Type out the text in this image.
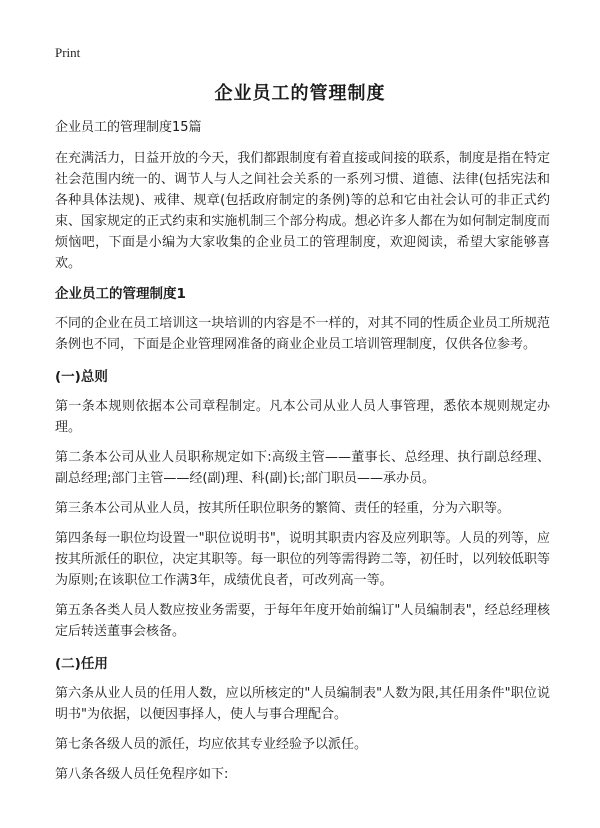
Print
企业员工的管理制度
企业员工的管理制度15篇

在充满活力，日益开放的今天，我们都跟制度有着直接或间接的联系，制度是指在特定社会范围内统一的、调节人与人之间社会关系的一系列习惯、道德、法律(包括宪法和各种具体法规)、戒律、规章(包括政府制定的条例)等的总和它由社会认可的非正式约束、国家规定的正式约束和实施机制三个部分构成。想必许多人都在为如何制定制度而烦恼吧，下面是小编为大家收集的企业员工的管理制度，欢迎阅读，希望大家能够喜欢。

企业员工的管理制度1

不同的企业在员工培训这一块培训的内容是不一样的，对其不同的性质企业员工所规范条例也不同，下面是企业管理网准备的商业企业员工培训管理制度，仅供各位参考。

(一)总则

第一条本规则依据本公司章程制定。凡本公司从业人员人事管理，悉依本规则规定办理。

第二条本公司从业人员职称规定如下:高级主管——董事长、总经理、执行副总经理、副总经理;部门主管——经(副)理、科(副)长;部门职员——承办员。

第三条本公司从业人员，按其所任职位职务的繁简、责任的轻重，分为六职等。

第四条每一职位均设置一"职位说明书"，说明其职责内容及应列职等。人员的列等，应按其所派任的职位，决定其职等。每一职位的列等需得跨二等，初任时，以列较低职等为原则;在该职位工作满3年，成绩优良者，可改列高一等。

第五条各类人员人数应按业务需要，于每年年度开始前编订"人员编制表"，经总经理核定后转送董事会核备。

(二)任用

第六条从业人员的任用人数，应以所核定的"人员编制表"人数为限,其任用条件"职位说明书"为依据，以便因事择人，使人与事合理配合。

第七条各级人员的派任，均应依其专业经验予以派任。

第八条各级人员任免程序如下:
